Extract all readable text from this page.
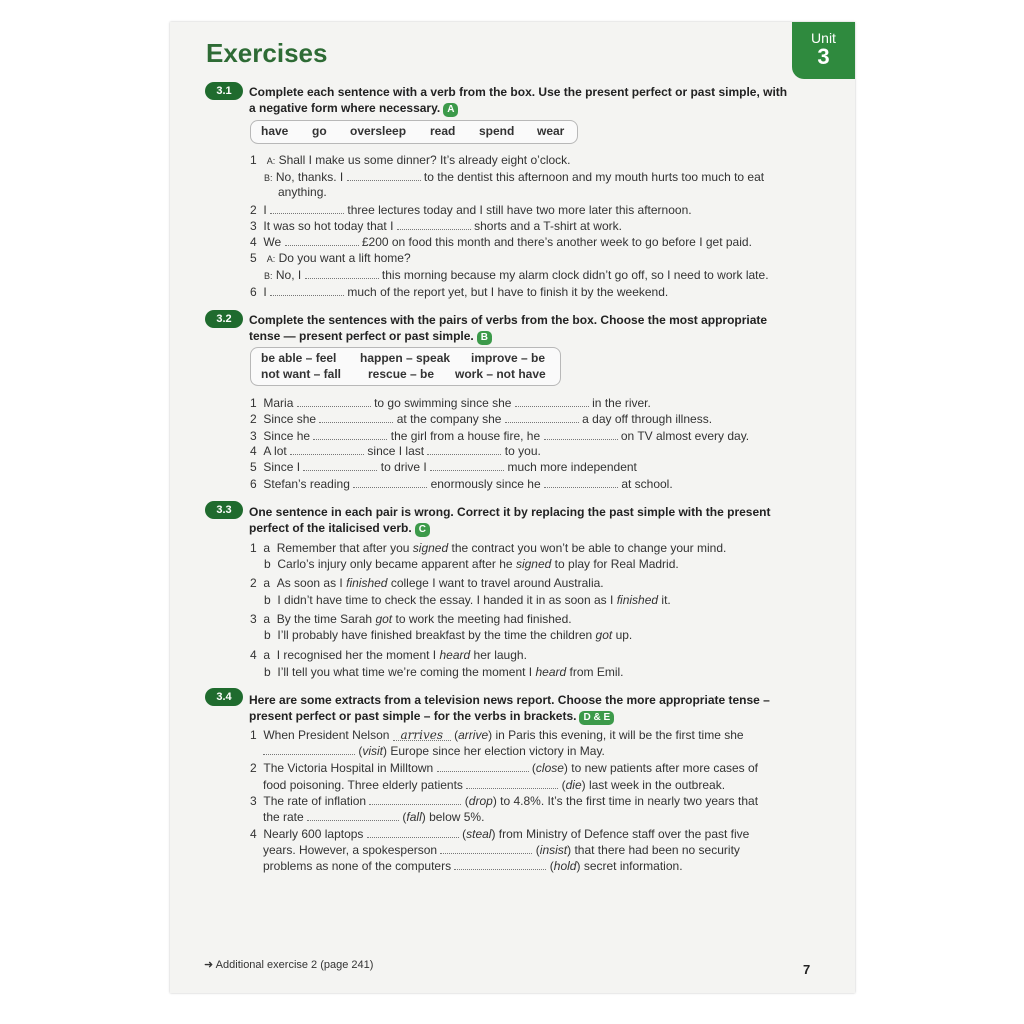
Unit
3
Exercises
3.1	Complete each sentence with a verb from the box. Use the present perfect or past simple, with
a negative form where necessary. A
have go oversleep read spend wear
1 A: Shall I make us some dinner? It’s already eight o’clock.
B: No, thanks. I	to the dentist this afternoon and my mouth hurts too much to eat
anything.
2 I	three lectures today and I still have two more later this afternoon.
3 It was so hot today that I	shorts and a T-shirt at work.
4 We	£200 on food this month and there’s another week to go before I get paid.
5 A: Do you want a lift home?
B: No, I	this morning because my alarm clock didn’t go off, so I need to work late.
6 I	much of the report yet, but I have to finish it by the weekend.
3.2	Complete the sentences with the pairs of verbs from the box. Choose the most appropriate
tense — present perfect or past simple. B
be able – feel happen – speak improve – be
not want – fall rescue – be work – not have
1 Maria	to go swimming since she	in the river.
2 Since she	at the company she	a day off through illness.
3 Since he	the girl from a house fire, he	on TV almost every day.
4 A lot	since I last	to you.
5 Since I	to drive I	much more independent
6 Stefan’s reading	enormously since he	at school.
3.3	One sentence in each pair is wrong. Correct it by replacing the past simple with the present
perfect of the italicised verb. C
1 a Remember that after you signed the contract you won’t be able to change your mind.
b Carlo’s injury only became apparent after he signed to play for Real Madrid.
2 a As soon as I finished college I want to travel around Australia.
b I didn’t have time to check the essay. I handed it in as soon as I finished it.
3 a By the time Sarah got to work the meeting had finished.
b I’ll probably have finished breakfast by the time the children got up.
4 a I recognised her the moment I heard her laugh.
b I’ll tell you what time we’re coming the moment I heard from Emil.
3.4	Here are some extracts from a television news report. Choose the more appropriate tense –
present perfect or past simple – for the verbs in brackets. D & E
1 When President Nelson arrives (arrive) in Paris this evening, it will be the first time she
(visit) Europe since her election victory in May.
2 The Victoria Hospital in Milltown	(close) to new patients after more cases of
food poisoning. Three elderly patients	(die) last week in the outbreak.
3 The rate of inflation	(drop) to 4.8%. It’s the first time in nearly two years that
the rate	(fall) below 5%.
4 Nearly 600 laptops	(steal) from Ministry of Defence staff over the past five
years. However, a spokesperson	(insist) that there had been no security
problems as none of the computers	(hold) secret information.
➜ Additional exercise 2 (page 241)	7
